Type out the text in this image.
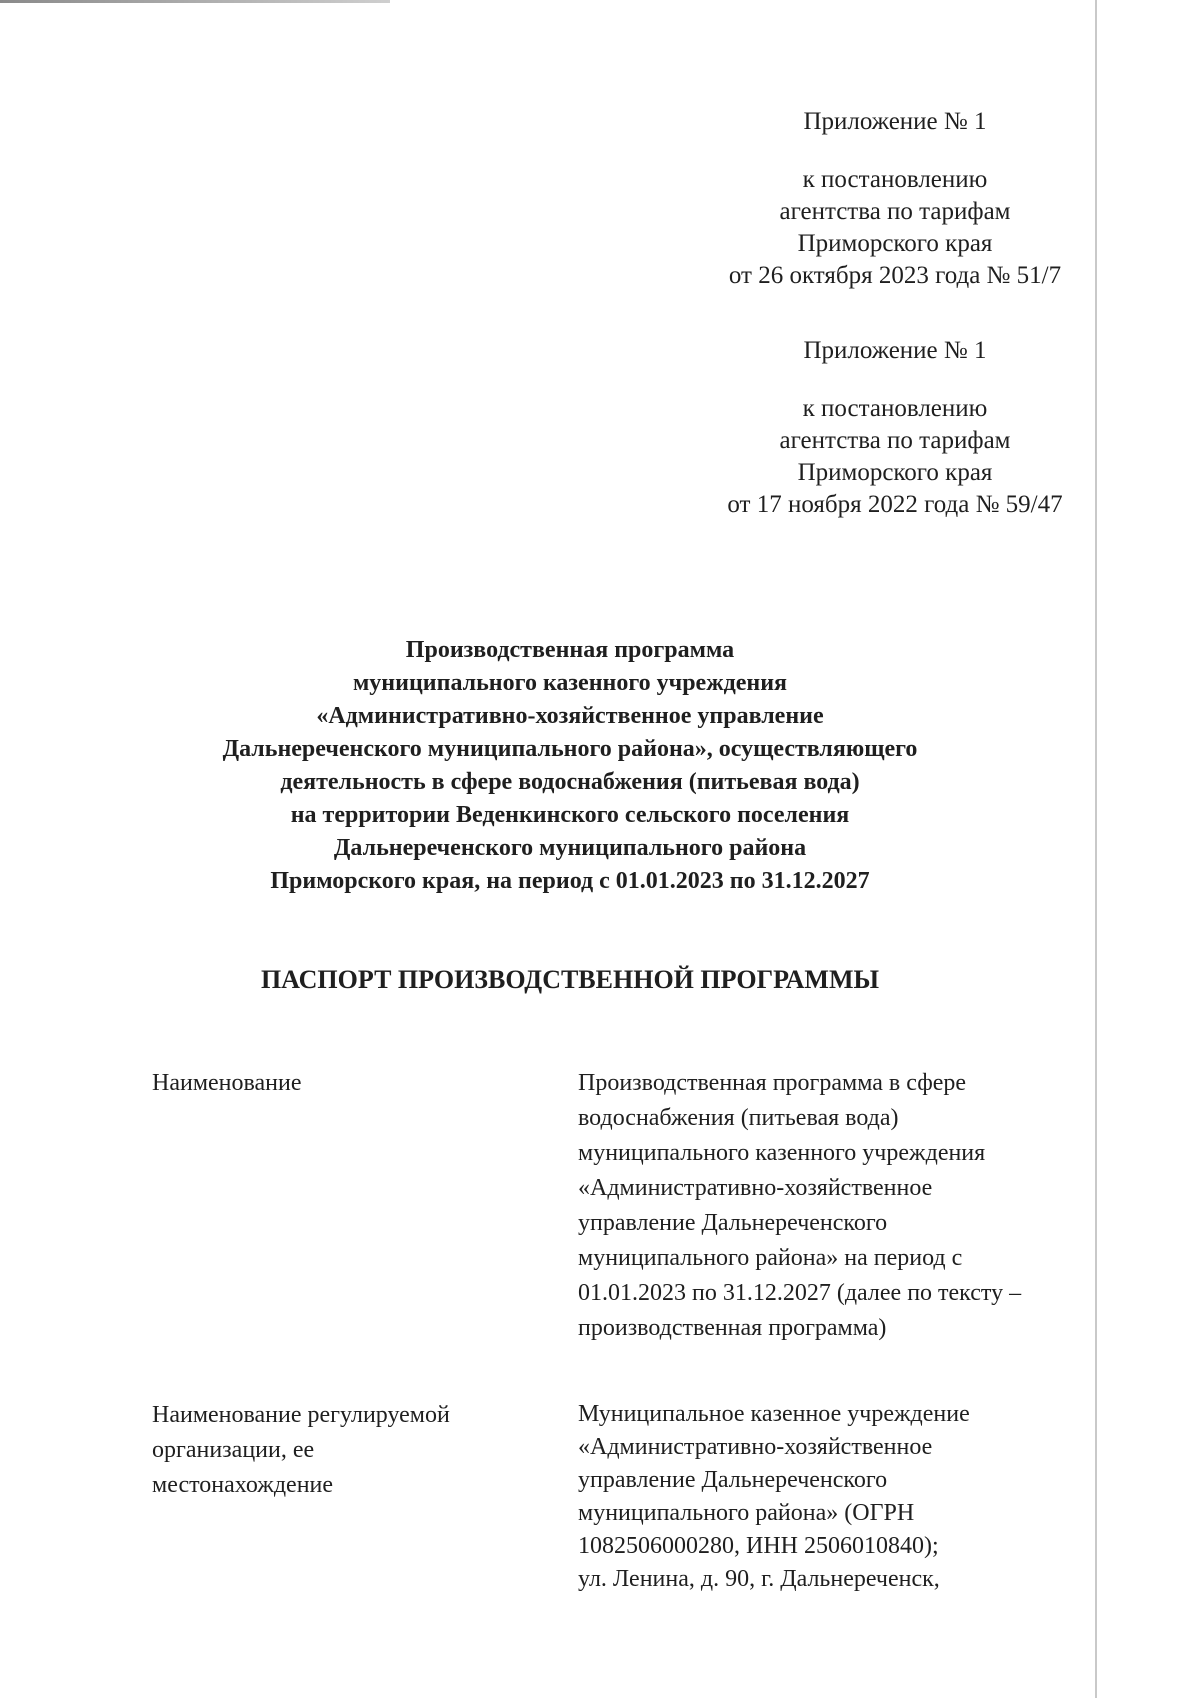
Приложение № 1
к постановлению
агентства по тарифам
Приморского края
от 26 октября 2023 года № 51/7
Приложение № 1
к постановлению
агентства по тарифам
Приморского края
от 17 ноября 2022 года № 59/47
Производственная программа
муниципального казенного учреждения
«Административно-хозяйственное управление
Дальнереченского муниципального района», осуществляющего
деятельность в сфере водоснабжения (питьевая вода)
на территории Веденкинского сельского поселения
Дальнереченского муниципального района
Приморского края, на период с 01.01.2023 по 31.12.2027
ПАСПОРТ ПРОИЗВОДСТВЕННОЙ ПРОГРАММЫ
Наименование	Производственная программа в сфере
водоснабжения (питьевая вода)
муниципального казенного учреждения
«Административно-хозяйственное
управление Дальнереченского
муниципального района» на период с
01.01.2023 по 31.12.2027 (далее по тексту –
производственная программа)
Наименование регулируемой
организации, ее
местонахождение
Муниципальное казенное учреждение
«Административно-хозяйственное
управление Дальнереченского
муниципального района» (ОГРН
1082506000280, ИНН 2506010840);
ул. Ленина, д. 90, г. Дальнереченск,
